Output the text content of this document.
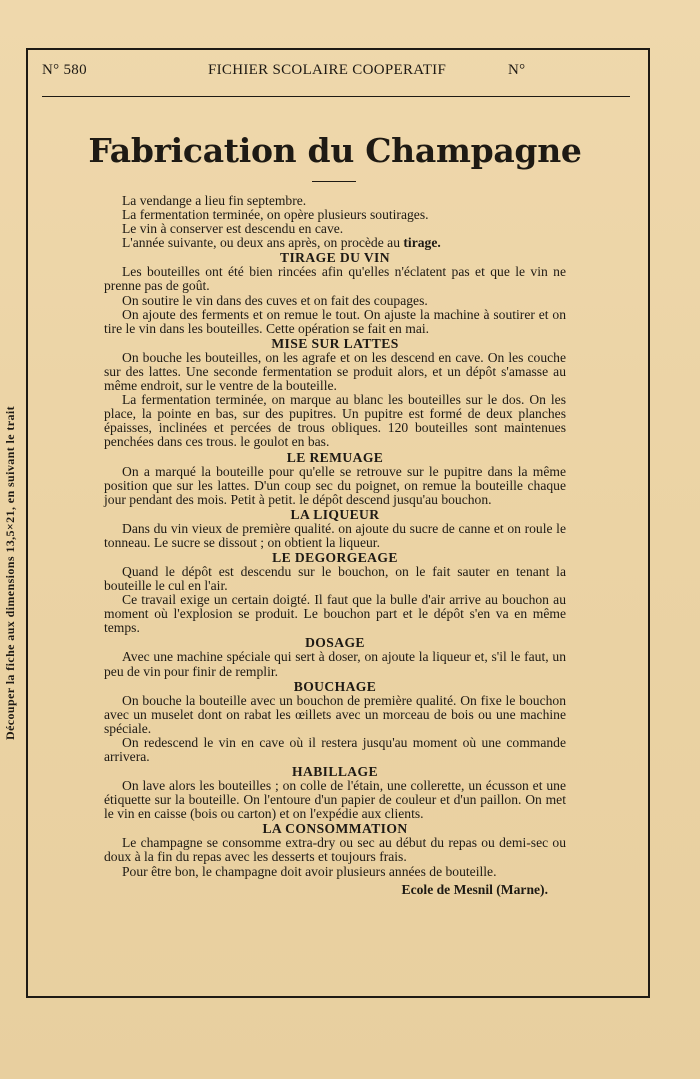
Découper la fiche aux dimensions 13,5×21, en suivant le trait
N° 580	FICHIER SCOLAIRE COOPERATIF	N°
Fabrication du Champagne

La vendange a lieu fin septembre.

La fermentation terminée, on opère plusieurs soutirages.

Le vin à conserver est descendu en cave.

L'année suivante, ou deux ans après, on procède au tirage.

TIRAGE DU VIN

Les bouteilles ont été bien rincées afin qu'elles n'éclatent pas et que le vin ne prenne pas de goût.

On soutire le vin dans des cuves et on fait des coupages.

On ajoute des ferments et on remue le tout. On ajuste la machine à soutirer et on tire le vin dans les bouteilles. Cette opération se fait en mai.

MISE SUR LATTES

On bouche les bouteilles, on les agrafe et on les descend en cave. On les couche sur des lattes. Une seconde fermentation se produit alors, et un dépôt s'amasse au même endroit, sur le ventre de la bouteille.

La fermentation terminée, on marque au blanc les bouteilles sur le dos. On les place, la pointe en bas, sur des pupitres. Un pupitre est formé de deux planches épaisses, inclinées et percées de trous obliques. 120 bouteilles sont maintenues penchées dans ces trous. le goulot en bas.

LE REMUAGE

On a marqué la bouteille pour qu'elle se retrouve sur le pupitre dans la même position que sur les lattes. D'un coup sec du poignet, on remue la bouteille chaque jour pendant des mois. Petit à petit. le dépôt descend jusqu'au bouchon.

LA LIQUEUR

Dans du vin vieux de première qualité. on ajoute du sucre de canne et on roule le tonneau. Le sucre se dissout ; on obtient la liqueur.

LE DEGORGEAGE

Quand le dépôt est descendu sur le bouchon, on le fait sauter en tenant la bouteille le cul en l'air.

Ce travail exige un certain doigté. Il faut que la bulle d'air arrive au bouchon au moment où l'explosion se produit. Le bouchon part et le dépôt s'en va en même temps.

DOSAGE

Avec une machine spéciale qui sert à doser, on ajoute la liqueur et, s'il le faut, un peu de vin pour finir de remplir.

BOUCHAGE

On bouche la bouteille avec un bouchon de première qualité. On fixe le bouchon avec un muselet dont on rabat les œillets avec un morceau de bois ou une machine spéciale.

On redescend le vin en cave où il restera jusqu'au moment où une commande arrivera.

HABILLAGE

On lave alors les bouteilles ; on colle de l'étain, une collerette, un écusson et une étiquette sur la bouteille. On l'entoure d'un papier de couleur et d'un paillon. On met le vin en caisse (bois ou carton) et on l'expédie aux clients.

LA CONSOMMATION

Le champagne se consomme extra-dry ou sec au début du repas ou demi-sec ou doux à la fin du repas avec les desserts et toujours frais.

Pour être bon, le champagne doit avoir plusieurs années de bouteille.

Ecole de Mesnil (Marne).
